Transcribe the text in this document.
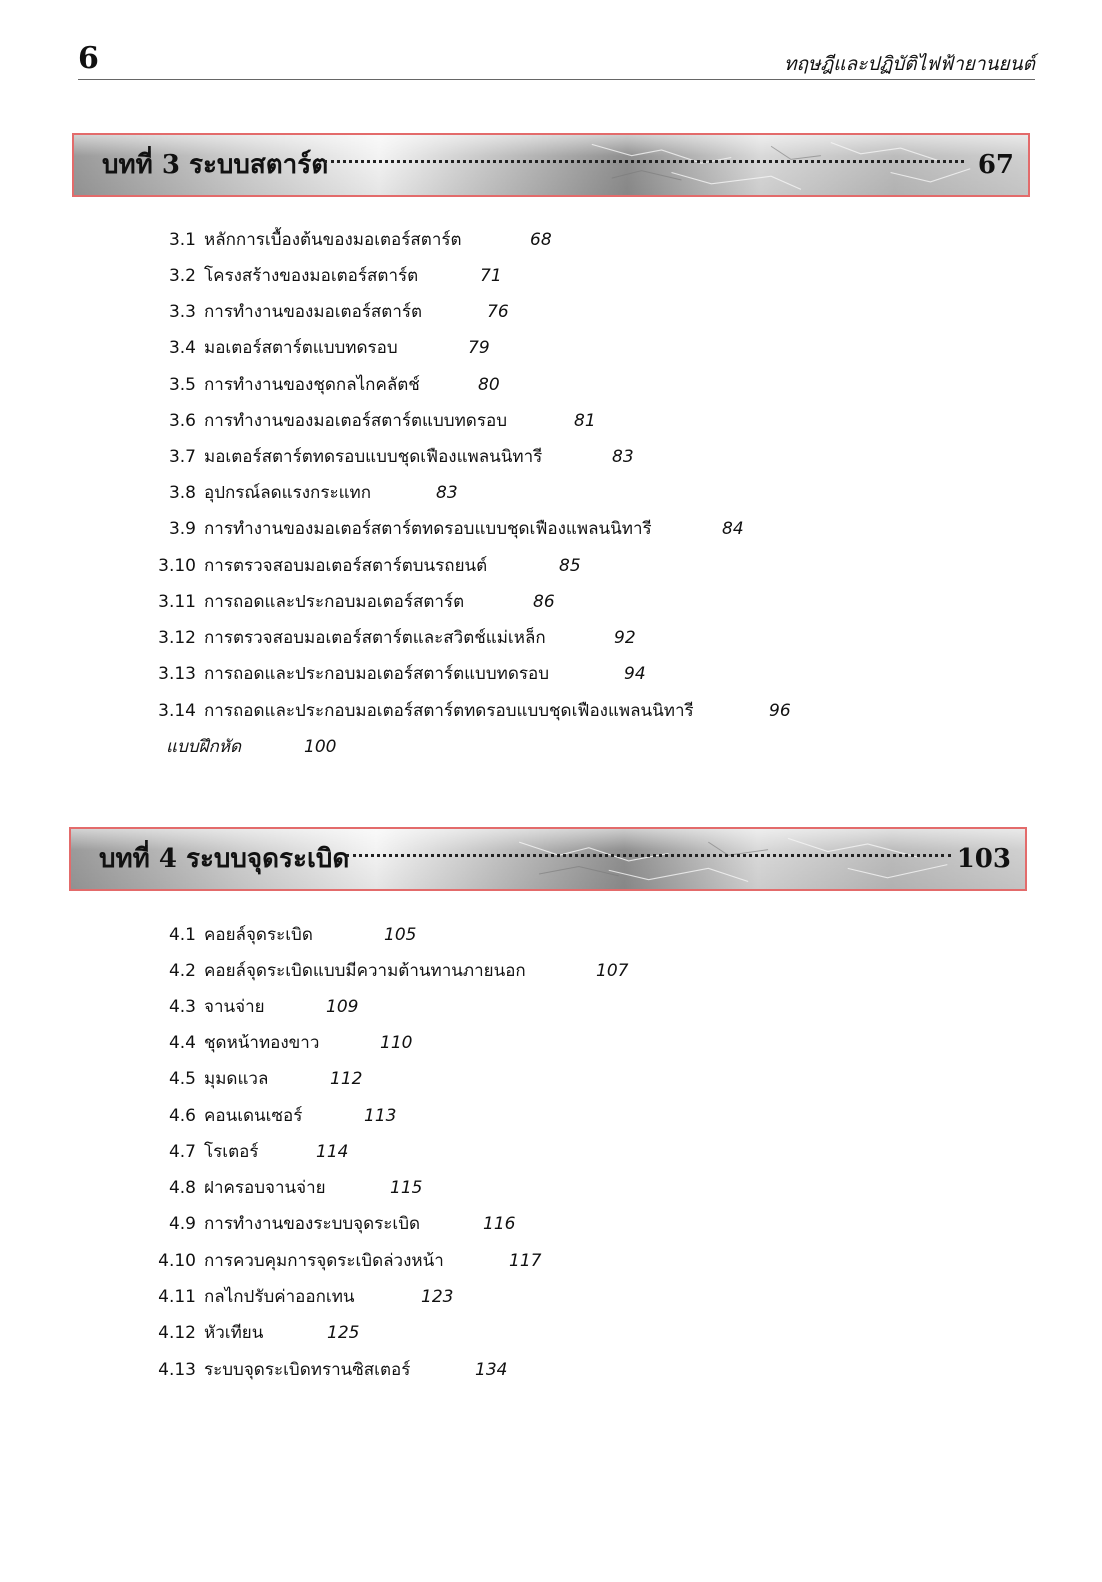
6	ทฤษฎีและปฏิบัติไฟฟ้ายานยนต์
บทที่ 3 ระบบสตาร์ต	67
3.1 หลักการเบื้องต้นของมอเตอร์สตาร์ต	68
3.2 โครงสร้างของมอเตอร์สตาร์ต	71
3.3 การทำงานของมอเตอร์สตาร์ต	76
3.4 มอเตอร์สตาร์ตแบบทดรอบ	79
3.5 การทำงานของชุดกลไกคลัตช์	80
3.6 การทำงานของมอเตอร์สตาร์ตแบบทดรอบ	81
3.7 มอเตอร์สตาร์ตทดรอบแบบชุดเฟืองแพลนนิทารี	83
3.8 อุปกรณ์ลดแรงกระแทก	83
3.9 การทำงานของมอเตอร์สตาร์ตทดรอบแบบชุดเฟืองแพลนนิทารี	84
3.10 การตรวจสอบมอเตอร์สตาร์ตบนรถยนต์	85
3.11 การถอดและประกอบมอเตอร์สตาร์ต	86
3.12 การตรวจสอบมอเตอร์สตาร์ตและสวิตช์แม่เหล็ก	92
3.13 การถอดและประกอบมอเตอร์สตาร์ตแบบทดรอบ	94
3.14 การถอดและประกอบมอเตอร์สตาร์ตทดรอบแบบชุดเฟืองแพลนนิทารี	96
แบบฝึกหัด	100
บทที่ 4 ระบบจุดระเบิด	103
4.1 คอยล์จุดระเบิด	105
4.2 คอยล์จุดระเบิดแบบมีความต้านทานภายนอก	107
4.3 จานจ่าย	109
4.4 ชุดหน้าทองขาว	110
4.5 มุมดแวล	112
4.6 คอนเดนเซอร์	113
4.7 โรเตอร์	114
4.8 ฝาครอบจานจ่าย	115
4.9 การทำงานของระบบจุดระเบิด	116
4.10 การควบคุมการจุดระเบิดล่วงหน้า	117
4.11 กลไกปรับค่าออกเทน	123
4.12 หัวเทียน	125
4.13 ระบบจุดระเบิดทรานซิสเตอร์	134
